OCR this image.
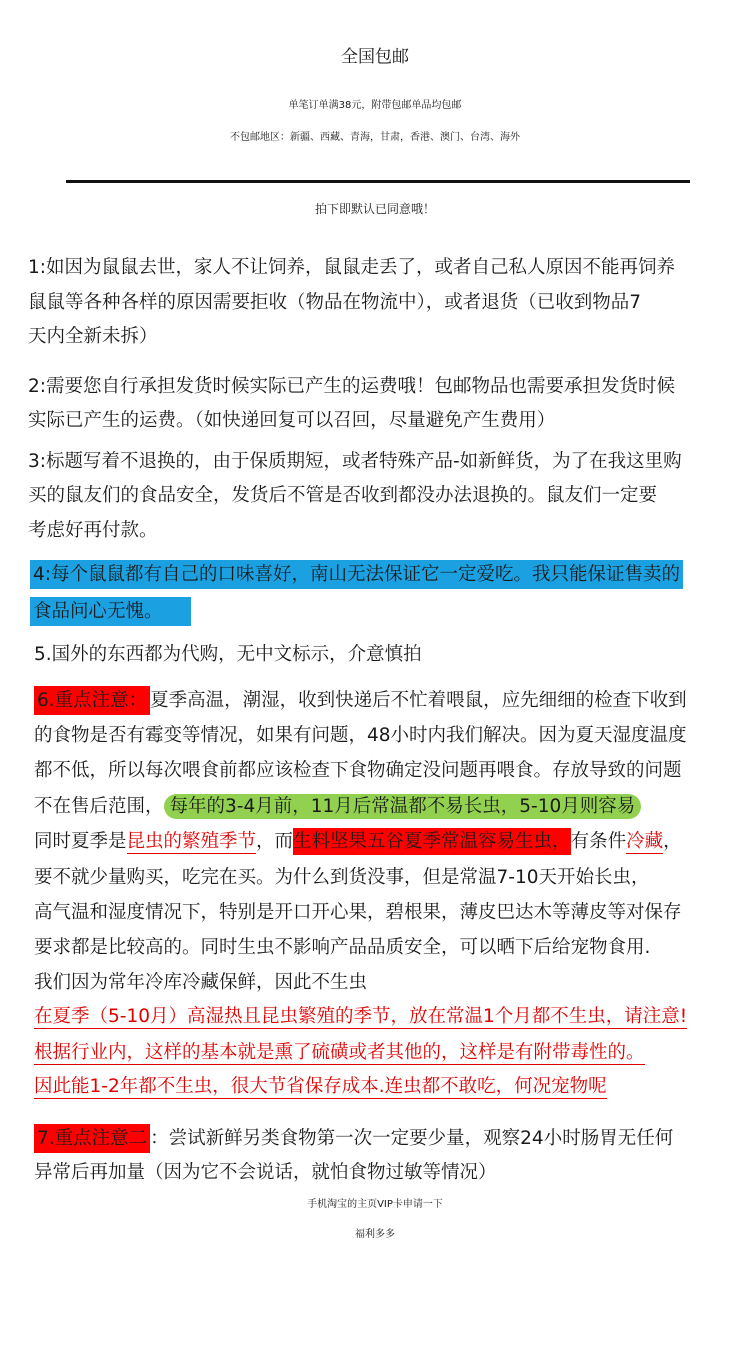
全国包邮
单笔订单满38元，附带包邮单品均包邮
不包邮地区：新疆、西藏、青海，甘肃，香港、澳门、台湾、海外
拍下即默认已同意哦！
1:如因为鼠鼠去世，家人不让饲养，鼠鼠走丢了，或者自己私人原因不能再饲养
鼠鼠等各种各样的原因需要拒收（物品在物流中），或者退货（已收到物品7
天内全新未拆）
2:需要您自行承担发货时候实际已产生的运费哦！包邮物品也需要承担发货时候
实际已产生的运费。（如快递回复可以召回，尽量避免产生费用）
3:标题写着不退换的，由于保质期短，或者特殊产品-如新鲜货，为了在我这里购
买的鼠友们的食品安全，发货后不管是否收到都没办法退换的。鼠友们一定要
考虑好再付款。
4:每个鼠鼠都有自己的口味喜好，南山无法保证它一定爱吃。我只能保证售卖的
食品问心无愧。
5.国外的东西都为代购，无中文标示，介意慎拍
6.重点注意： 夏季高温，潮湿，收到快递后不忙着喂鼠，应先细细的检查下收到
的食物是否有霉变等情况，如果有问题，48小时内我们解决。因为夏天湿度温度
都不低，所以每次喂食前都应该检查下食物确定没问题再喂食。存放导致的问题
不在售后范围， 每年的3-4月前，11月后常温都不易长虫，5-10月则容易
同时夏季是昆虫的繁殖季节，而生料坚果五谷夏季常温容易生虫，有条件冷藏，
要不就少量购买，吃完在买。为什么到货没事，但是常温7-10天开始长虫，
高气温和湿度情况下，特别是开口开心果，碧根果，薄皮巴达木等薄皮等对保存
要求都是比较高的。同时生虫不影响产品品质安全，可以晒下后给宠物食用.
我们因为常年冷库冷藏保鲜，因此不生虫
在夏季（5-10月）高湿热且昆虫繁殖的季节，放在常温1个月都不生虫，请注意!
根据行业内，这样的基本就是熏了硫磺或者其他的，这样是有附带毒性的。
因此能1-2年都不生虫，很大节省保存成本.连虫都不敢吃，何况宠物呢
7.重点注意二 ：尝试新鲜另类食物第一次一定要少量，观察24小时肠胃无任何
异常后再加量（因为它不会说话，就怕食物过敏等情况）
手机淘宝的主页VIP卡申请一下
福利多多
